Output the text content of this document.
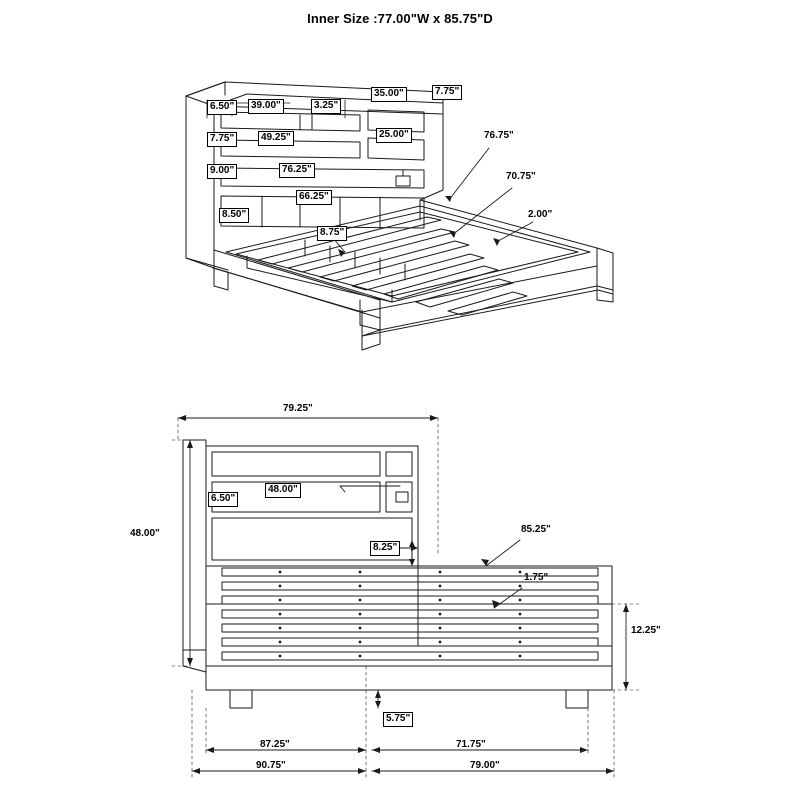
Inner Size :77.00"W x 85.75"D
6.50"	39.00"	3.25"
35.00"	7.75"
7.75"	49.25"	25.00"
9.00"	76.25"
66.25"
8.50"
8.75"
76.75"
70.75"
2.00"
79.25"
6.50"
48.00"
48.00"
8.25"
85.25"
1.75"
12.25"
5.75"
87.25"	71.75"
90.75"	79.00"
